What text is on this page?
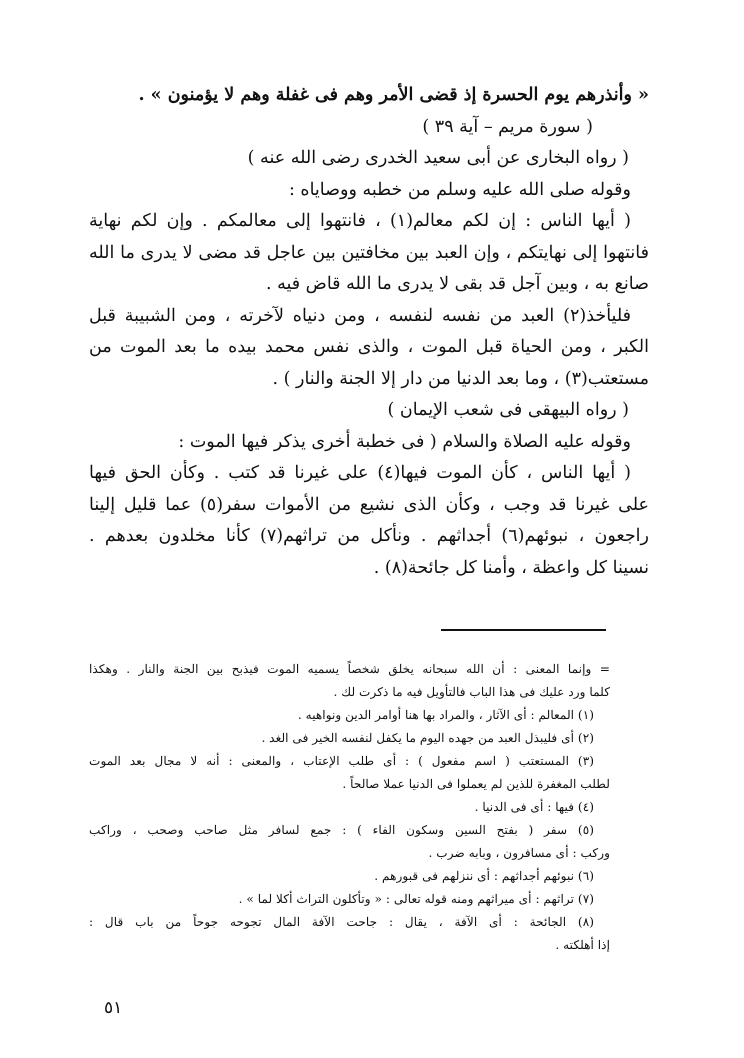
« وأنذرهم يوم الحسرة إذ قضى الأمر وهم فى غفلة وهم لا يؤمنون » .
( سورة مريم – آية ٣٩ )
( رواه البخارى عن أبى سعيد الخدرى رضى الله عنه )
وقوله صلى الله عليه وسلم من خطبه ووصاياه :
( أيها الناس : إن لكم معالم(١) ، فانتهوا إلى معالمكم . وإن لكم نهاية
فانتهوا إلى نهايتكم ، وإن العبد بين مخافتين بين عاجل قد مضى لا يدرى ما الله
صانع به ، وبين آجل قد بقى لا يدرى ما الله قاض فيه .
فليأخذ(٢) العبد من نفسه لنفسه ، ومن دنياه لآخرته ، ومن الشبيبة قبل
الكبر ، ومن الحياة قبل الموت ، والذى نفس محمد بيده ما بعد الموت من
مستعتب(٣) ، وما بعد الدنيا من دار إلا الجنة والنار ) .
( رواه البيهقى فى شعب الإيمان )
وقوله عليه الصلاة والسلام ( فى خطبة أخرى يذكر فيها الموت :
( أيها الناس ، كأن الموت فيها(٤) على غيرنا قد كتب . وكأن الحق فيها
على غيرنا قد وجب ، وكأن الذى نشيع من الأموات سفر(٥) عما قليل إلينا
راجعون ، نبوئهم(٦) أجداثهم . ونأكل من تراثهم(٧) كأنا مخلدون بعدهم .
نسينا كل واعظة ، وأمنا كل جائحة(٨) .
= وإنما المعنى : أن الله سبحانه يخلق شخصاً يسميه الموت فيذبح بين الجنة والنار . وهكذا
كلما ورد عليك فى هذا الباب فالتأويل فيه ما ذكرت لك .
(١) المعالم : أى الآثار ، والمراد بها هنا أوامر الدين ونواهيه .
(٢) أى فليبذل العبد من جهده اليوم ما يكفل لنفسه الخير فى الغد .
(٣) المستعتب ( اسم مفعول ) : أى طلب الإعتاب ، والمعنى : أنه لا مجال بعد الموت
لطلب المغفرة للذين لم يعملوا فى الدنيا عملا صالحاً .
(٤) فيها : أى فى الدنيا .
(٥) سفر ( بفتح السين وسكون الفاء ) : جمع لسافر مثل صاحب وصحب ، وراكب
وركب : أى مسافرون ، وبابه ضرب .
(٦) نبوئهم أجداثهم : أى ننزلهم فى قبورهم .
(٧) تراثهم : أى ميراثهم ومنه قوله تعالى : « وتأكلون التراث أكلا لما » .
(٨) الجائحة : أى الآفة ، يقال : جاحت الآفة المال تجوحه جوحاً من باب قال :
إذا أهلكته .
٥١
